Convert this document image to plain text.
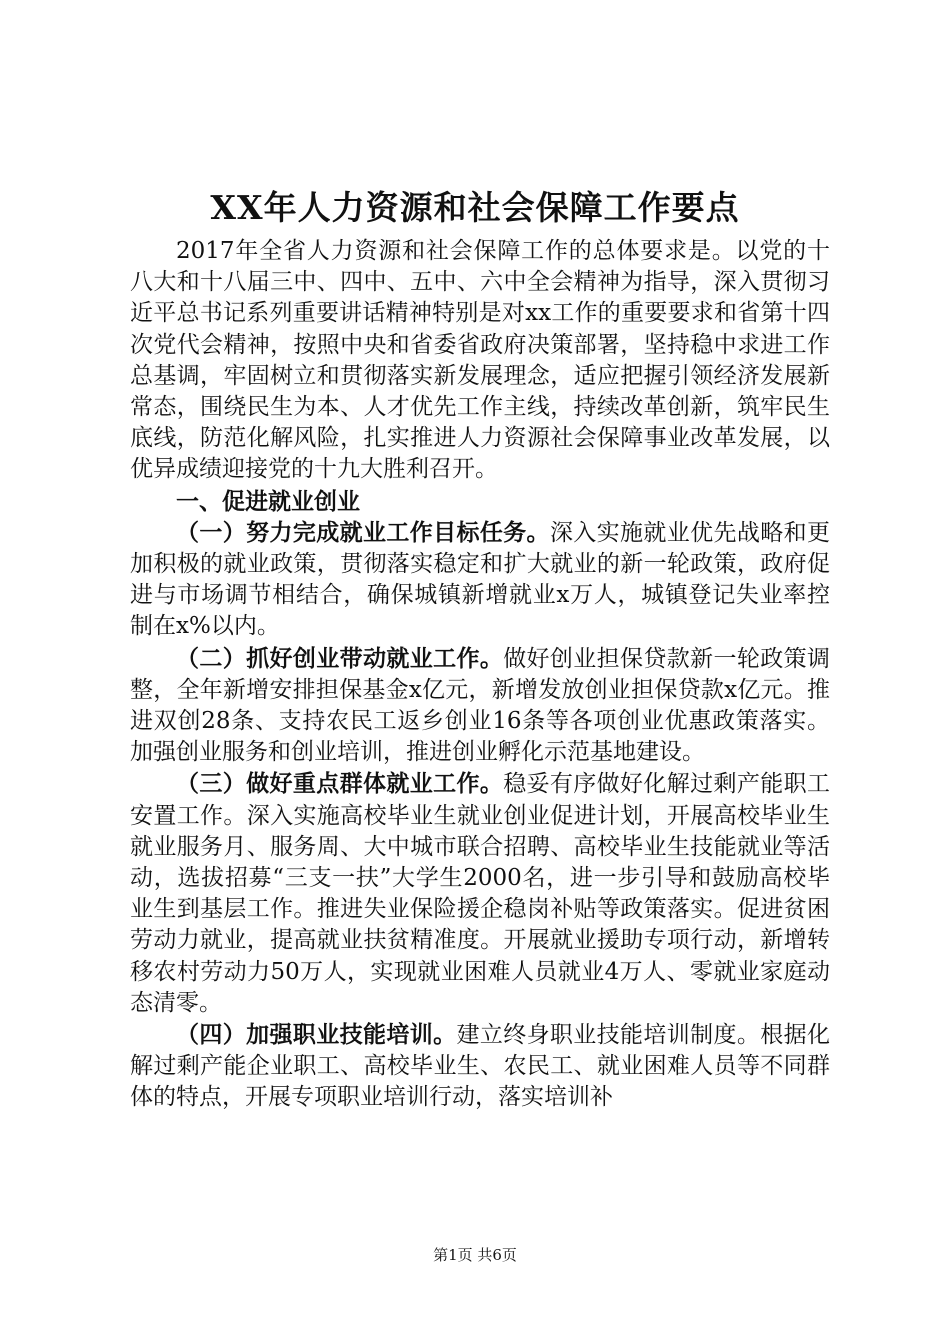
XX年人力资源和社会保障工作要点

2017年全省人力资源和社会保障工作的总体要求是。以党的十八大和十八届三中、四中、五中、六中全会精神为指导，深入贯彻习近平总书记系列重要讲话精神特别是对xx工作的重要要求和省第十四次党代会精神，按照中央和省委省政府决策部署，坚持稳中求进工作总基调，牢固树立和贯彻落实新发展理念，适应把握引领经济发展新常态，围绕民生为本、人才优先工作主线，持续改革创新，筑牢民生底线，防范化解风险，扎实推进人力资源社会保障事业改革发展，以优异成绩迎接党的十九大胜利召开。

一、促进就业创业

（一）努力完成就业工作目标任务。深入实施就业优先战略和更加积极的就业政策，贯彻落实稳定和扩大就业的新一轮政策，政府促进与市场调节相结合，确保城镇新增就业x万人，城镇登记失业率控制在x%以内。

（二）抓好创业带动就业工作。做好创业担保贷款新一轮政策调整，全年新增安排担保基金x亿元，新增发放创业担保贷款x亿元。推进双创28条、支持农民工返乡创业16条等各项创业优惠政策落实。加强创业服务和创业培训，推进创业孵化示范基地建设。

（三）做好重点群体就业工作。稳妥有序做好化解过剩产能职工安置工作。深入实施高校毕业生就业创业促进计划，开展高校毕业生就业服务月、服务周、大中城市联合招聘、高校毕业生技能就业等活动，选拔招募“三支一扶”大学生2000名，进一步引导和鼓励高校毕业生到基层工作。推进失业保险援企稳岗补贴等政策落实。促进贫困劳动力就业，提高就业扶贫精准度。开展就业援助专项行动，新增转移农村劳动力50万人，实现就业困难人员就业4万人、零就业家庭动态清零。

（四）加强职业技能培训。建立终身职业技能培训制度。根据化解过剩产能企业职工、高校毕业生、农民工、就业困难人员等不同群体的特点，开展专项职业培训行动，落实培训补

第1页 共6页
